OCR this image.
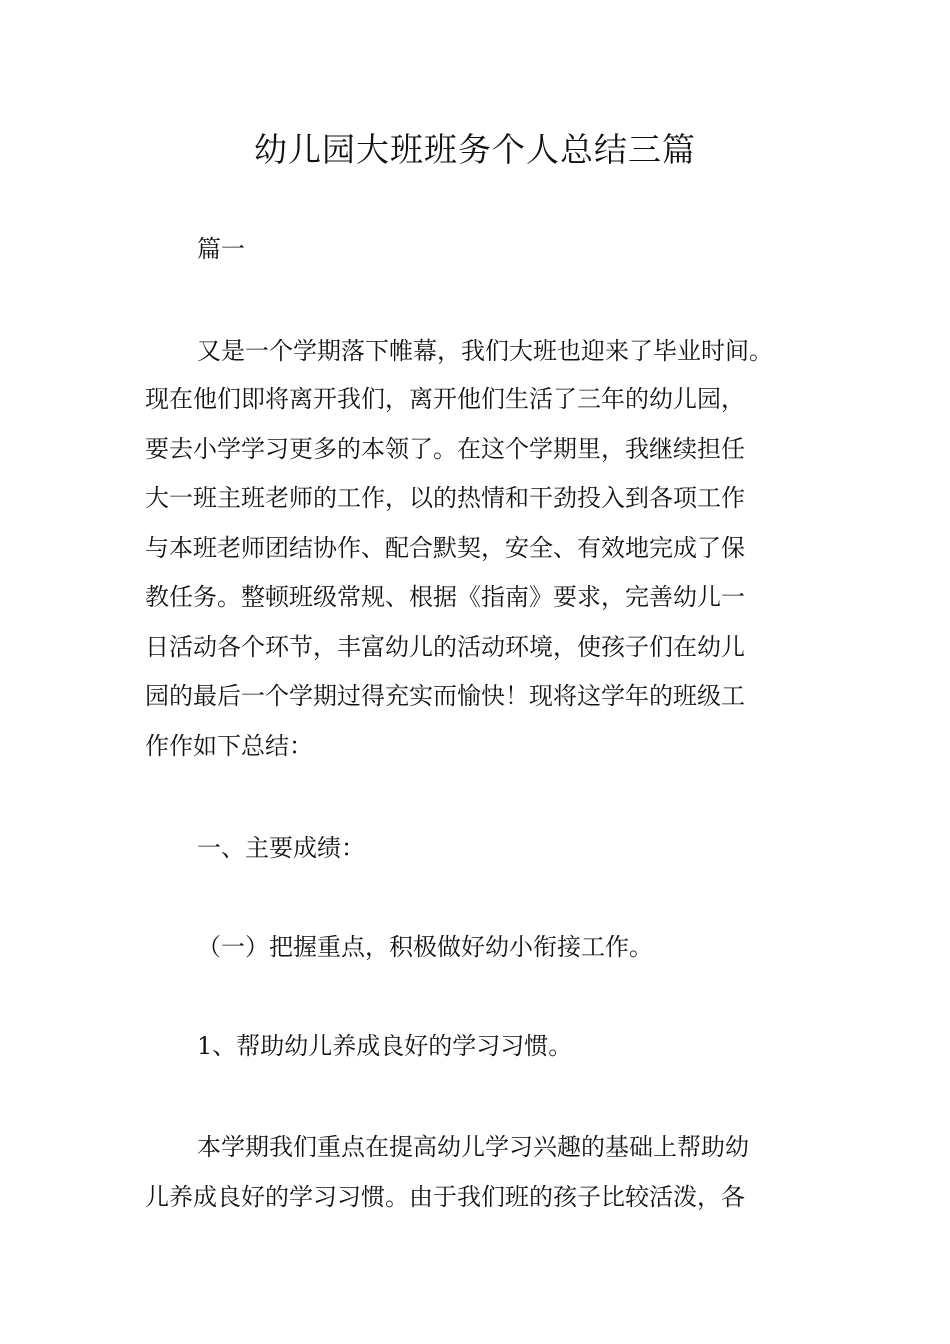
幼儿园大班班务个人总结三篇

篇一

又是一个学期落下帷幕，我们大班也迎来了毕业时间。

现在他们即将离开我们，离开他们生活了三年的幼儿园，

要去小学学习更多的本领了。在这个学期里，我继续担任

大一班主班老师的工作，以的热情和干劲投入到各项工作

与本班老师团结协作、配合默契，安全、有效地完成了保

教任务。整顿班级常规、根据《指南》要求，完善幼儿一

日活动各个环节，丰富幼儿的活动环境，使孩子们在幼儿

园的最后一个学期过得充实而愉快！现将这学年的班级工

作作如下总结：

一、主要成绩：

（一）把握重点，积极做好幼小衔接工作。

1、帮助幼儿养成良好的学习习惯。

本学期我们重点在提高幼儿学习兴趣的基础上帮助幼

儿养成良好的学习习惯。由于我们班的孩子比较活泼，各
